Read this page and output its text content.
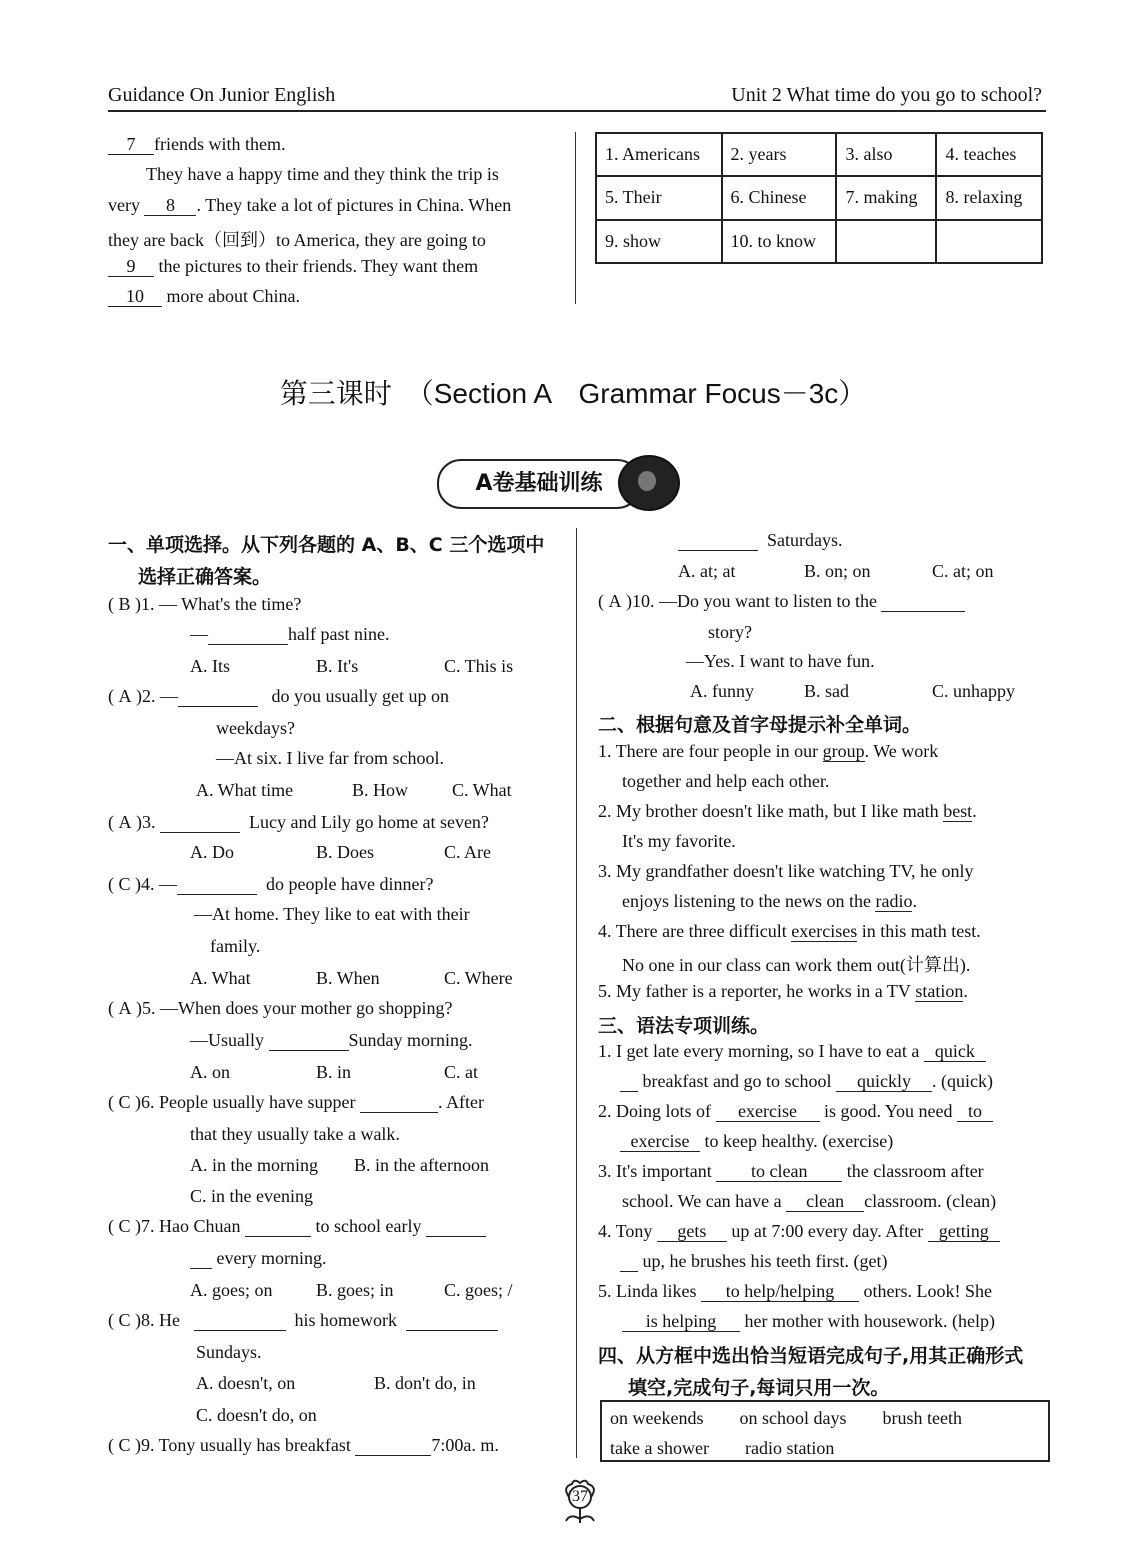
Guidance On Junior English	Unit 2 What time do you go to school?
7 friends with them.
They have a happy time and they think the trip is
very 8 . They take a lot of pictures in China. When
they are back（回到）to America, they are going to
9 the pictures to their friends. They want them
10 more about China.
1. Americans	2. years	3. also	4. teaches
5. Their	6. Chinese	7. making	8. relaxing
9. show	10. to know		
第三课时　（Section A　Grammar Focus－3c）
A卷基础训练
一、单项选择。从下列各题的 A、B、C 三个选项中
选择正确答案。
( B )1. — What's the time?
—	half past nine.
A. Its	B. It's	C. This is
( A )2. —	do you usually get up on
weekdays?
—At six. I live far from school.
A. What time	B. How C. What
( A )3.	Lucy and Lily go home at seven?
A. Do	B. Does	C. Are
( C )4. —	do people have dinner?
—At home. They like to eat with their
family.
A. What	B. When	C. Where
( A )5. —When does your mother go shopping?
—Usually	Sunday morning.
A. on	B. in	C. at
( C )6. People usually have supper	. After
that they usually take a walk.
A. in the morning B. in the afternoon
C. in the evening
( C )7. Hao Chuan	to school early
every morning.
A. goes; on B. goes; in	C. goes; /
( C )8. He	his homework
Sundays.
A. doesn't, on	B. don't do, in
C. doesn't do, on
( C )9. Tony usually has breakfast	7:00a. m.
Saturdays.
A. at; at	B. on; on	C. at; on
( A )10. —Do you want to listen to the
story?
—Yes. I want to have fun.
A. funny	B. sad	C. unhappy
二、根据句意及首字母提示补全单词。
1. There are four people in our group. We work
together and help each other.
2. My brother doesn't like math, but I like math best.
It's my favorite.
3. My grandfather doesn't like watching TV, he only
enjoys listening to the news on the radio.
4. There are three difficult exercises in this math test.
No one in our class can work them out(计算出).
5. My father is a reporter, he works in a TV station.
三、语法专项训练。
1. I get late every morning, so I have to eat a quick
breakfast and go to school quickly . (quick)
2. Doing lots of exercise is good. You need to
exercise to keep healthy. (exercise)
3. It's important to clean the classroom after
school. We can have a clean classroom. (clean)
4. Tony gets up at 7:00 every day. After getting
up, he brushes his teeth first. (get)
5. Linda likes to help/helping others. Look! She
is helping her mother with housework. (help)
四、从方框中选出恰当短语完成句子,用其正确形式
填空,完成句子,每词只用一次。
on weekends　　on school days　　brush teeth
take a shower　　radio station
37
